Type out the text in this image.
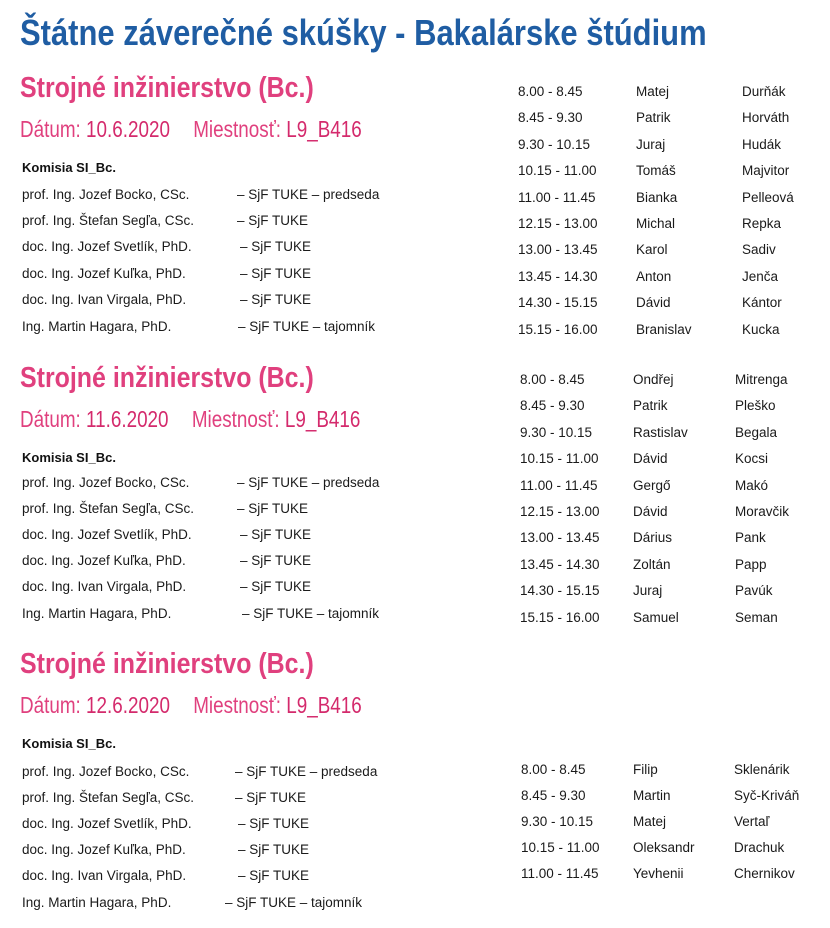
Štátne záverečné skúšky - Bakalárske štúdium
Strojné inžinierstvo (Bc.)
Dátum: 10.6.2020 Miestnosť: L9_B416
Komisia SI_Bc.
prof. Ing. Jozef Bocko, CSc.	– SjF TUKE – predseda
prof. Ing. Štefan Segľa, CSc.	– SjF TUKE
doc. Ing. Jozef Svetlík, PhD.	– SjF TUKE
doc. Ing. Jozef Kuľka, PhD.	– SjF TUKE
doc. Ing. Ivan Virgala, PhD.	– SjF TUKE
Ing. Martin Hagara, PhD.	– SjF TUKE – tajomník
8.00 - 8.45	Matej	Durňák
8.45 - 9.30	Patrik	Horváth
9.30 - 10.15	Juraj	Hudák
10.15 - 11.00	Tomáš	Majvitor
11.00 - 11.45	Bianka	Pelleová
12.15 - 13.00	Michal	Repka
13.00 - 13.45	Karol	Sadiv
13.45 - 14.30	Anton	Jenča
14.30 - 15.15	Dávid	Kántor
15.15 - 16.00	Branislav	Kucka
Strojné inžinierstvo (Bc.)
Dátum: 11.6.2020 Miestnosť: L9_B416
Komisia SI_Bc.
prof. Ing. Jozef Bocko, CSc.	– SjF TUKE – predseda
prof. Ing. Štefan Segľa, CSc.	– SjF TUKE
doc. Ing. Jozef Svetlík, PhD.	– SjF TUKE
doc. Ing. Jozef Kuľka, PhD.	– SjF TUKE
doc. Ing. Ivan Virgala, PhD.	– SjF TUKE
Ing. Martin Hagara, PhD.	– SjF TUKE – tajomník
8.00 - 8.45	Ondřej	Mitrenga
8.45 - 9.30	Patrik	Pleško
9.30 - 10.15	Rastislav	Begala
10.15 - 11.00	Dávid	Kocsi
11.00 - 11.45	Gergő	Makó
12.15 - 13.00 Dávid	Moravčik
13.00 - 13.45 Dárius	Pank
13.45 - 14.30 Zoltán	Papp
14.30 - 15.15 Juraj	Pavúk
15.15 - 16.00 Samuel	Seman
Strojné inžinierstvo (Bc.)
Dátum: 12.6.2020 Miestnosť: L9_B416
Komisia SI_Bc.
prof. Ing. Jozef Bocko, CSc.	– SjF TUKE – predseda
prof. Ing. Štefan Segľa, CSc.	– SjF TUKE
doc. Ing. Jozef Svetlík, PhD.	– SjF TUKE
doc. Ing. Jozef Kuľka, PhD.	– SjF TUKE
doc. Ing. Ivan Virgala, PhD.	– SjF TUKE
Ing. Martin Hagara, PhD.	– SjF TUKE – tajomník
8.00 - 8.45	Filip	Sklenárik
8.45 - 9.30	Martin	Syč-Kriváň
9.30 - 10.15	Matej	Vertaľ
10.15 - 11.00 Oleksandr	Drachuk
11.00 - 11.45	Yevhenii	Chernikov
